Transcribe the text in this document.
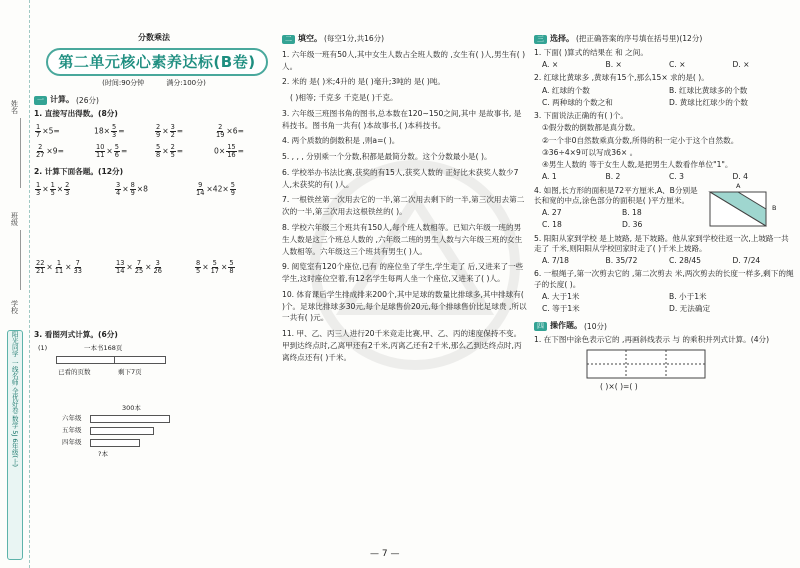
姓名
班级
学校
阳光同学 一线名师 全优好卷 数学 5J 6年级(上)
分数乘法
第二单元核心素养达标(B卷)
(时间:90分钟	满分:100分)
一 计算。 (26分)
1. 直接写出得数。(8分)
$\frac{1}{7} \times 5=$	$18\times \frac{5}{3}$ =	$\frac{2}{9} \times \frac{3}{2}$ =	$\frac{2}{19} \times 6=$
$\frac{2}{27} \times 9=$	$\frac{10}{11} \times \frac{5}{6}$ =	$\frac{5}{8} \times \frac{2}{5}$ =	$0\times \frac{15}{16}$ =
2. 计算下面各题。(12分)
$\frac{1}{3} \times \frac{1}{5} \times \frac{2}{3}$	$\frac{3}{4} \times \frac{8}{9} \times 8$	$\frac{9}{14} \times 42\times \frac{5}{9}$
$\frac{22}{21} \times \frac{1}{11} \times \frac{7}{33}$	$\frac{13}{14} \times \frac{7}{25} \times \frac{3}{26}$	$\frac{8}{5} \times \frac{5}{17} \times \frac{5}{8}$
3. 看图列式计算。(6分)
(1)	一本书168页
已看的页数	剩下7页
300本
六年级
五年级
四年级
?本
二 填空。 (每空1分,共16分)
1. 六年级一班有50人,其中女生人数占全班人数的 ,女生有( )人,男生有( )人。
2. 米的 是( )米;4升的 是( )毫升;3吨的 是( )吨。
( )相等; 千克多 千克是( )千克。
3. 六年级三班图书角的图书,总本数在120~150之间,其中 是故事书, 是科技书。图书角一共有( )本故事书,( )本科技书。
4. 两个质数的倒数积是 ,则a=( )。
5. , , , 分别乘一个分数,积都是最简分数。这个分数最小是( )。
6. 学校举办书法比赛,获奖的有15人,获奖人数的 正好比未获奖人数少7人,未获奖的有( )人。
7. 一根铁丝第一次用去它的一半,第二次用去剩下的一半,第三次用去第二次的一半,第三次用去这根铁丝的( )。
8. 学校六年级三个班共有150人,每个班人数相等。已知六年级一班的男生人数是这三个班总人数的 ,六年级二班的男生人数与六年级三班的女生人数相等。六年级这三个班共有男生( )人。
9. 阅览室有120个座位,已有 的座位坐了学生,学生走了 后,又进来了一些学生,这时座位空着,有12名学生每两人坐一个座位,又进来了( )人。
10. 体育课后学生排成排来200个,其中足球的数量比排球多,其中排球有( )个。足球比排球多30元,每个足球售价20元,每个排球售价比足球贵 ,所以一共有( )元。
11. 甲、乙、丙三人进行20千米竞走比赛,甲、乙、丙的速度保持不变。甲到达终点时,乙离甲还有2千米,丙离乙还有2千米,那么乙到达终点时,丙离终点还有( )千米。
三 选择。 (把正确答案的序号填在括号里)(12分)
1. 下面( )算式的结果在 和 之间。
A. ×	B. ×	C. ×	D. ×
2. 红球比黄球多 ,黄球有15个,那么15× 求的是( )。
A. 红球的个数	B. 红球比黄球多的个数
C. 两种球的个数之和	D. 黄球比红球少的个数
3. 下面说法正确的有( )个。
①假分数的倒数都是真分数。
②一个非0自然数乘真分数,所得的积一定小于这个自然数。
③36÷4×9可以写成36× 。
④男生人数的 等于女生人数,是把男生人数看作单位"1"。
A. 1	B. 2	C. 3	D. 4
4. 如图,长方形的面积是72平方厘米,A、B分别是长和宽的中点,涂色部分的面积是( )平方厘米。
A
B
A. 27	B. 18
C. 18	D. 36
5. 阳阳从家到学校 是上坡路, 是下坡路。他从家到学校往返一次,上坡路一共走了 千米,则阳阳从学校回家时走了( )千米上坡路。
A. 7/18	B. 35/72	C. 28/45	D. 7/24
6. 一根绳子,第一次剪去它的 ,第二次剪去 米,两次剪去的长度一样多,剩下的绳子的长度( )。
A. 大于1米	B. 小于1米
C. 等于1米	D. 无法确定
四 操作题。 (10分)
1. 在下图中涂色表示它的 ,再画斜线表示 与 的乘积并列式计算。(4分)
( )×( )=( )
— 7 —
